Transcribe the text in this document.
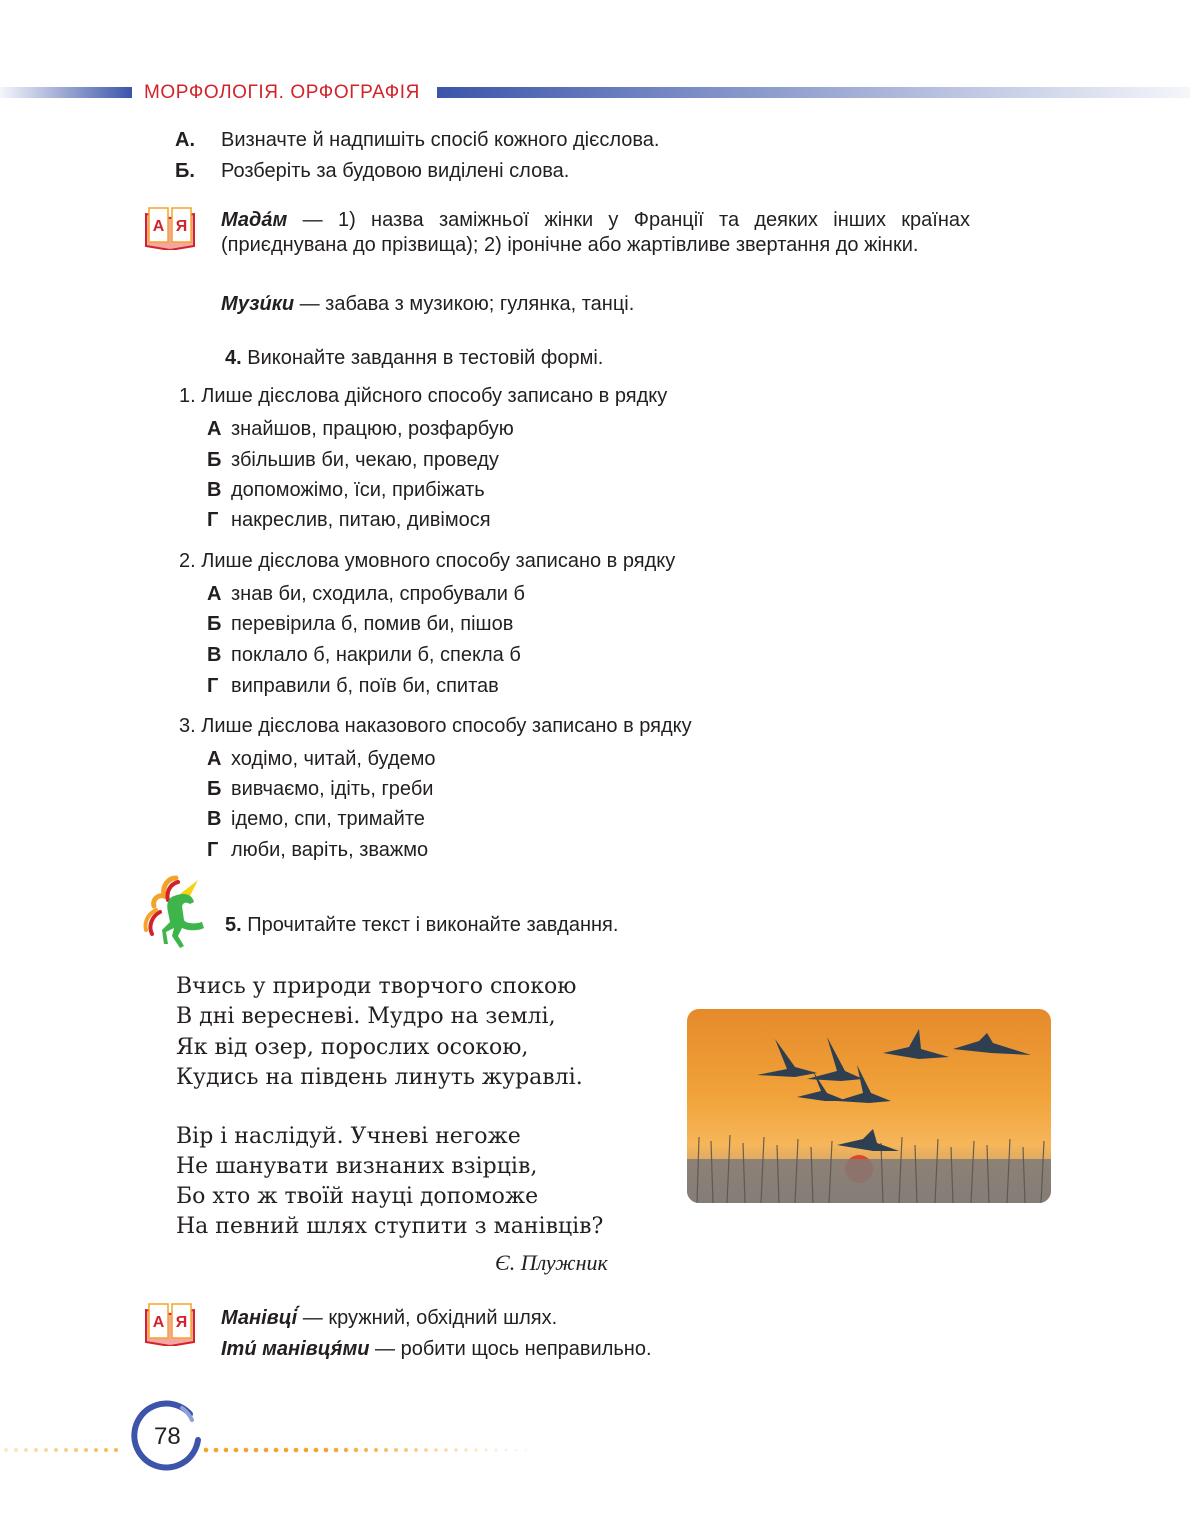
МОРФОЛОГІЯ. ОРФОГРАФІЯ
А. Визначте й надпишіть спосіб кожного дієслова.
Б. Розберіть за будовою виділені слова.
А Я Мада́м — 1) назва заміжньої жінки у Франції та деяких інших країнах (приєднувана до прізвища); 2) іронічне або жартівливе звертання до жінки.
Музи́ки — забава з музикою; гулянка, танці.
4. Виконайте завдання в тестовій формі.
1. Лише дієслова дійсного способу записано в рядку
А знайшов, працюю, розфарбую
Б збільшив би, чекаю, проведу
В допоможімо, їси, прибіжать
Г накреслив, питаю, дивімося
2. Лише дієслова умовного способу записано в рядку
А знав би, сходила, спробували б
Б перевірила б, помив би, пішов
В поклало б, накрили б, спекла б
Г виправили б, поїв би, спитав
3. Лише дієслова наказового способу записано в рядку
А ходімо, читай, будемо
Б вивчаємо, ідіть, греби
В ідемо, спи, тримайте
Г люби, варіть, зважмо
5. Прочитайте текст і виконайте завдання.
Вчись у природи творчого спокою
В дні вересневі. Мудро на землі,
Як від озер, порослих осокою,
Кудись на південь линуть журавлі.
Вір і наслідуй. Учневі негоже
Не шанувати визнаних взірців,
Бо хто ж твоїй науці допоможе
На певний шлях ступити з манівців?
Є. Плужник
А Я Манівці́ — кружний, обхідний шлях.
Іти́ манівця́ми — робити щось неправильно.
78
